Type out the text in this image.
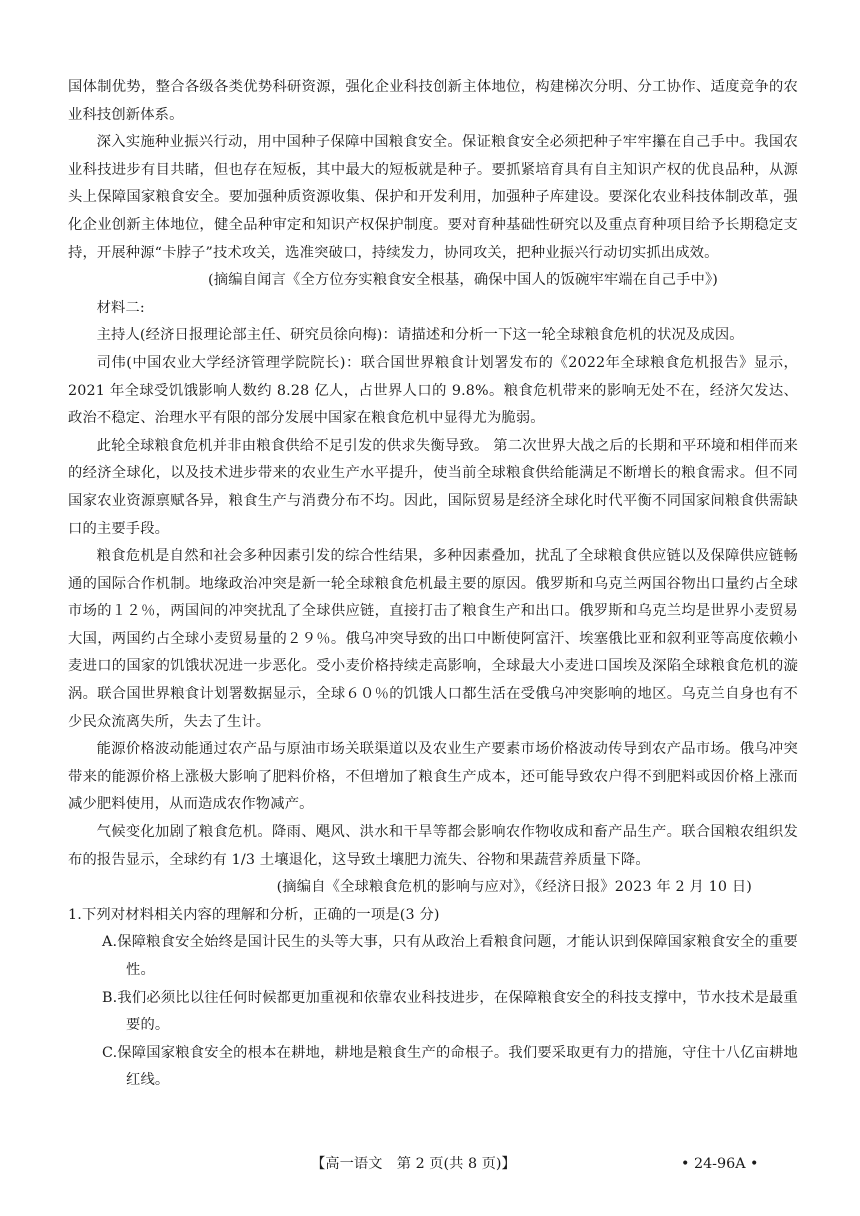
国体制优势，整合各级各类优势科研资源，强化企业科技创新主体地位，构建梯次分明、分工协作、适度竞争的农业科技创新体系。

深入实施种业振兴行动，用中国种子保障中国粮食安全。保证粮食安全必须把种子牢牢攥在自己手中。我国农业科技进步有目共睹，但也存在短板，其中最大的短板就是种子。要抓紧培育具有自主知识产权的优良品种，从源头上保障国家粮食安全。要加强种质资源收集、保护和开发利用，加强种子库建设。要深化农业科技体制改革，强化企业创新主体地位，健全品种审定和知识产权保护制度。要对育种基础性研究以及重点育种项目给予长期稳定支持，开展种源“卡脖子”技术攻关，选准突破口，持续发力，协同攻关，把种业振兴行动切实抓出成效。

(摘编自闻言《全方位夯实粮食安全根基，确保中国人的饭碗牢牢端在自己手中》)

材料二:

主持人(经济日报理论部主任、研究员徐向梅)：请描述和分析一下这一轮全球粮食危机的状况及成因。

司伟(中国农业大学经济管理学院院长)：联合国世界粮食计划署发布的《2022年全球粮食危机报告》显示，2021 年全球受饥饿影响人数约 8.28 亿人，占世界人口的 9.8%。粮食危机带来的影响无处不在，经济欠发达、政治不稳定、治理水平有限的部分发展中国家在粮食危机中显得尤为脆弱。

此轮全球粮食危机并非由粮食供给不足引发的供求失衡导致。 第二次世界大战之后的长期和平环境和相伴而来的经济全球化，以及技术进步带来的农业生产水平提升，使当前全球粮食供给能满足不断增长的粮食需求。但不同国家农业资源禀赋各异，粮食生产与消费分布不均。因此，国际贸易是经济全球化时代平衡不同国家间粮食供需缺口的主要手段。

粮食危机是自然和社会多种因素引发的综合性结果，多种因素叠加，扰乱了全球粮食供应链以及保障供应链畅通的国际合作机制。地缘政治冲突是新一轮全球粮食危机最主要的原因。俄罗斯和乌克兰两国谷物出口量约占全球市场的１２％，两国间的冲突扰乱了全球供应链，直接打击了粮食生产和出口。俄罗斯和乌克兰均是世界小麦贸易大国，两国约占全球小麦贸易量的２９％。俄乌冲突导致的出口中断使阿富汗、埃塞俄比亚和叙利亚等高度依赖小麦进口的国家的饥饿状况进一步恶化。受小麦价格持续走高影响，全球最大小麦进口国埃及深陷全球粮食危机的漩涡。联合国世界粮食计划署数据显示，全球６０％的饥饿人口都生活在受俄乌冲突影响的地区。乌克兰自身也有不少民众流离失所，失去了生计。

能源价格波动能通过农产品与原油市场关联渠道以及农业生产要素市场价格波动传导到农产品市场。俄乌冲突带来的能源价格上涨极大影响了肥料价格，不但增加了粮食生产成本，还可能导致农户得不到肥料或因价格上涨而减少肥料使用，从而造成农作物减产。

气候变化加剧了粮食危机。降雨、飓风、洪水和干旱等都会影响农作物收成和畜产品生产。联合国粮农组织发布的报告显示，全球约有 1/3 土壤退化，这导致土壤肥力流失、谷物和果蔬营养质量下降。

(摘编自《全球粮食危机的影响与应对》，《经济日报》2023 年 2 月 10 日)

1.下列对材料相关内容的理解和分析，正确的一项是(3 分)

A.保障粮食安全始终是国计民生的头等大事，只有从政治上看粮食问题，才能认识到保障国家粮食安全的重要性。

B.我们必须比以往任何时候都更加重视和依靠农业科技进步，在保障粮食安全的科技支撑中，节水技术是最重要的。

C.保障国家粮食安全的根本在耕地，耕地是粮食生产的命根子。我们要采取更有力的措施，守住十八亿亩耕地红线。

【高一语文　第 2 页(共 8 页)】	• 24-96A •
